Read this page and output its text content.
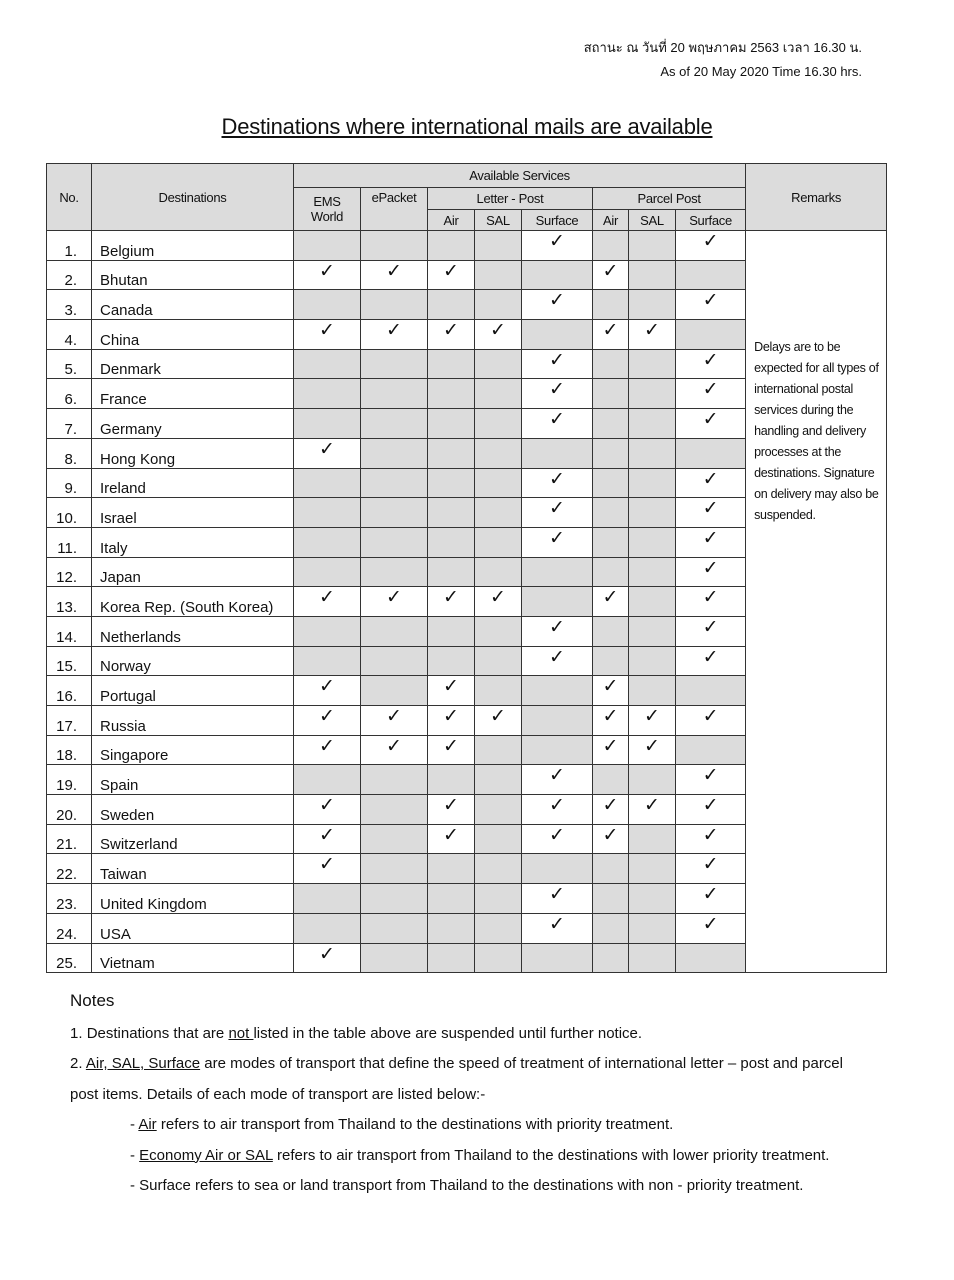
สถานะ ณ วันที่ 20 พฤษภาคม 2563 เวลา 16.30 น.
As of 20 May 2020 Time 16.30 hrs.
Destinations where international mails are available
No.	Destinations	Available Services								Remarks

		EMS
World	ePacket	Letter - Post			Parcel Post			
				Air	SAL	Surface	Air	SAL	Surface	
1.	Belgium					✓			✓	Delays are to be expected for all types of international postal services during the handling and delivery processes at the destinations. Signature on delivery may also be suspended.
2.	Bhutan	✓	✓	✓			✓			
3.	Canada					✓			✓	
4.	China	✓	✓	✓	✓		✓	✓		
5.	Denmark					✓			✓	
6.	France					✓			✓	
7.	Germany					✓			✓	
8.	Hong Kong	✓								
9.	Ireland					✓			✓	
10.	Israel					✓			✓	
11.	Italy					✓			✓	
12.	Japan								✓	
13.	Korea Rep. (South Korea)	✓	✓	✓	✓		✓		✓	
14.	Netherlands					✓			✓	
15.	Norway					✓			✓	
16.	Portugal	✓		✓			✓			
17.	Russia	✓	✓	✓	✓		✓	✓	✓	
18.	Singapore	✓	✓	✓			✓	✓		
19.	Spain					✓			✓	
20.	Sweden	✓		✓		✓	✓	✓	✓	
21.	Switzerland	✓		✓		✓	✓		✓	
22.	Taiwan	✓							✓	
23.	United Kingdom					✓			✓	
24.	USA					✓			✓	
25.	Vietnam	✓								
Notes

1. Destinations that are not listed in the table above are suspended until further notice.

2. Air, SAL, Surface are modes of transport that define the speed of treatment of international letter – post and parcel post items. Details of each mode of transport are listed below:-

- Air refers to air transport from Thailand to the destinations with priority treatment.

- Economy Air or SAL refers to air transport from Thailand to the destinations with lower priority treatment.

- Surface refers to sea or land transport from Thailand to the destinations with non - priority treatment.
